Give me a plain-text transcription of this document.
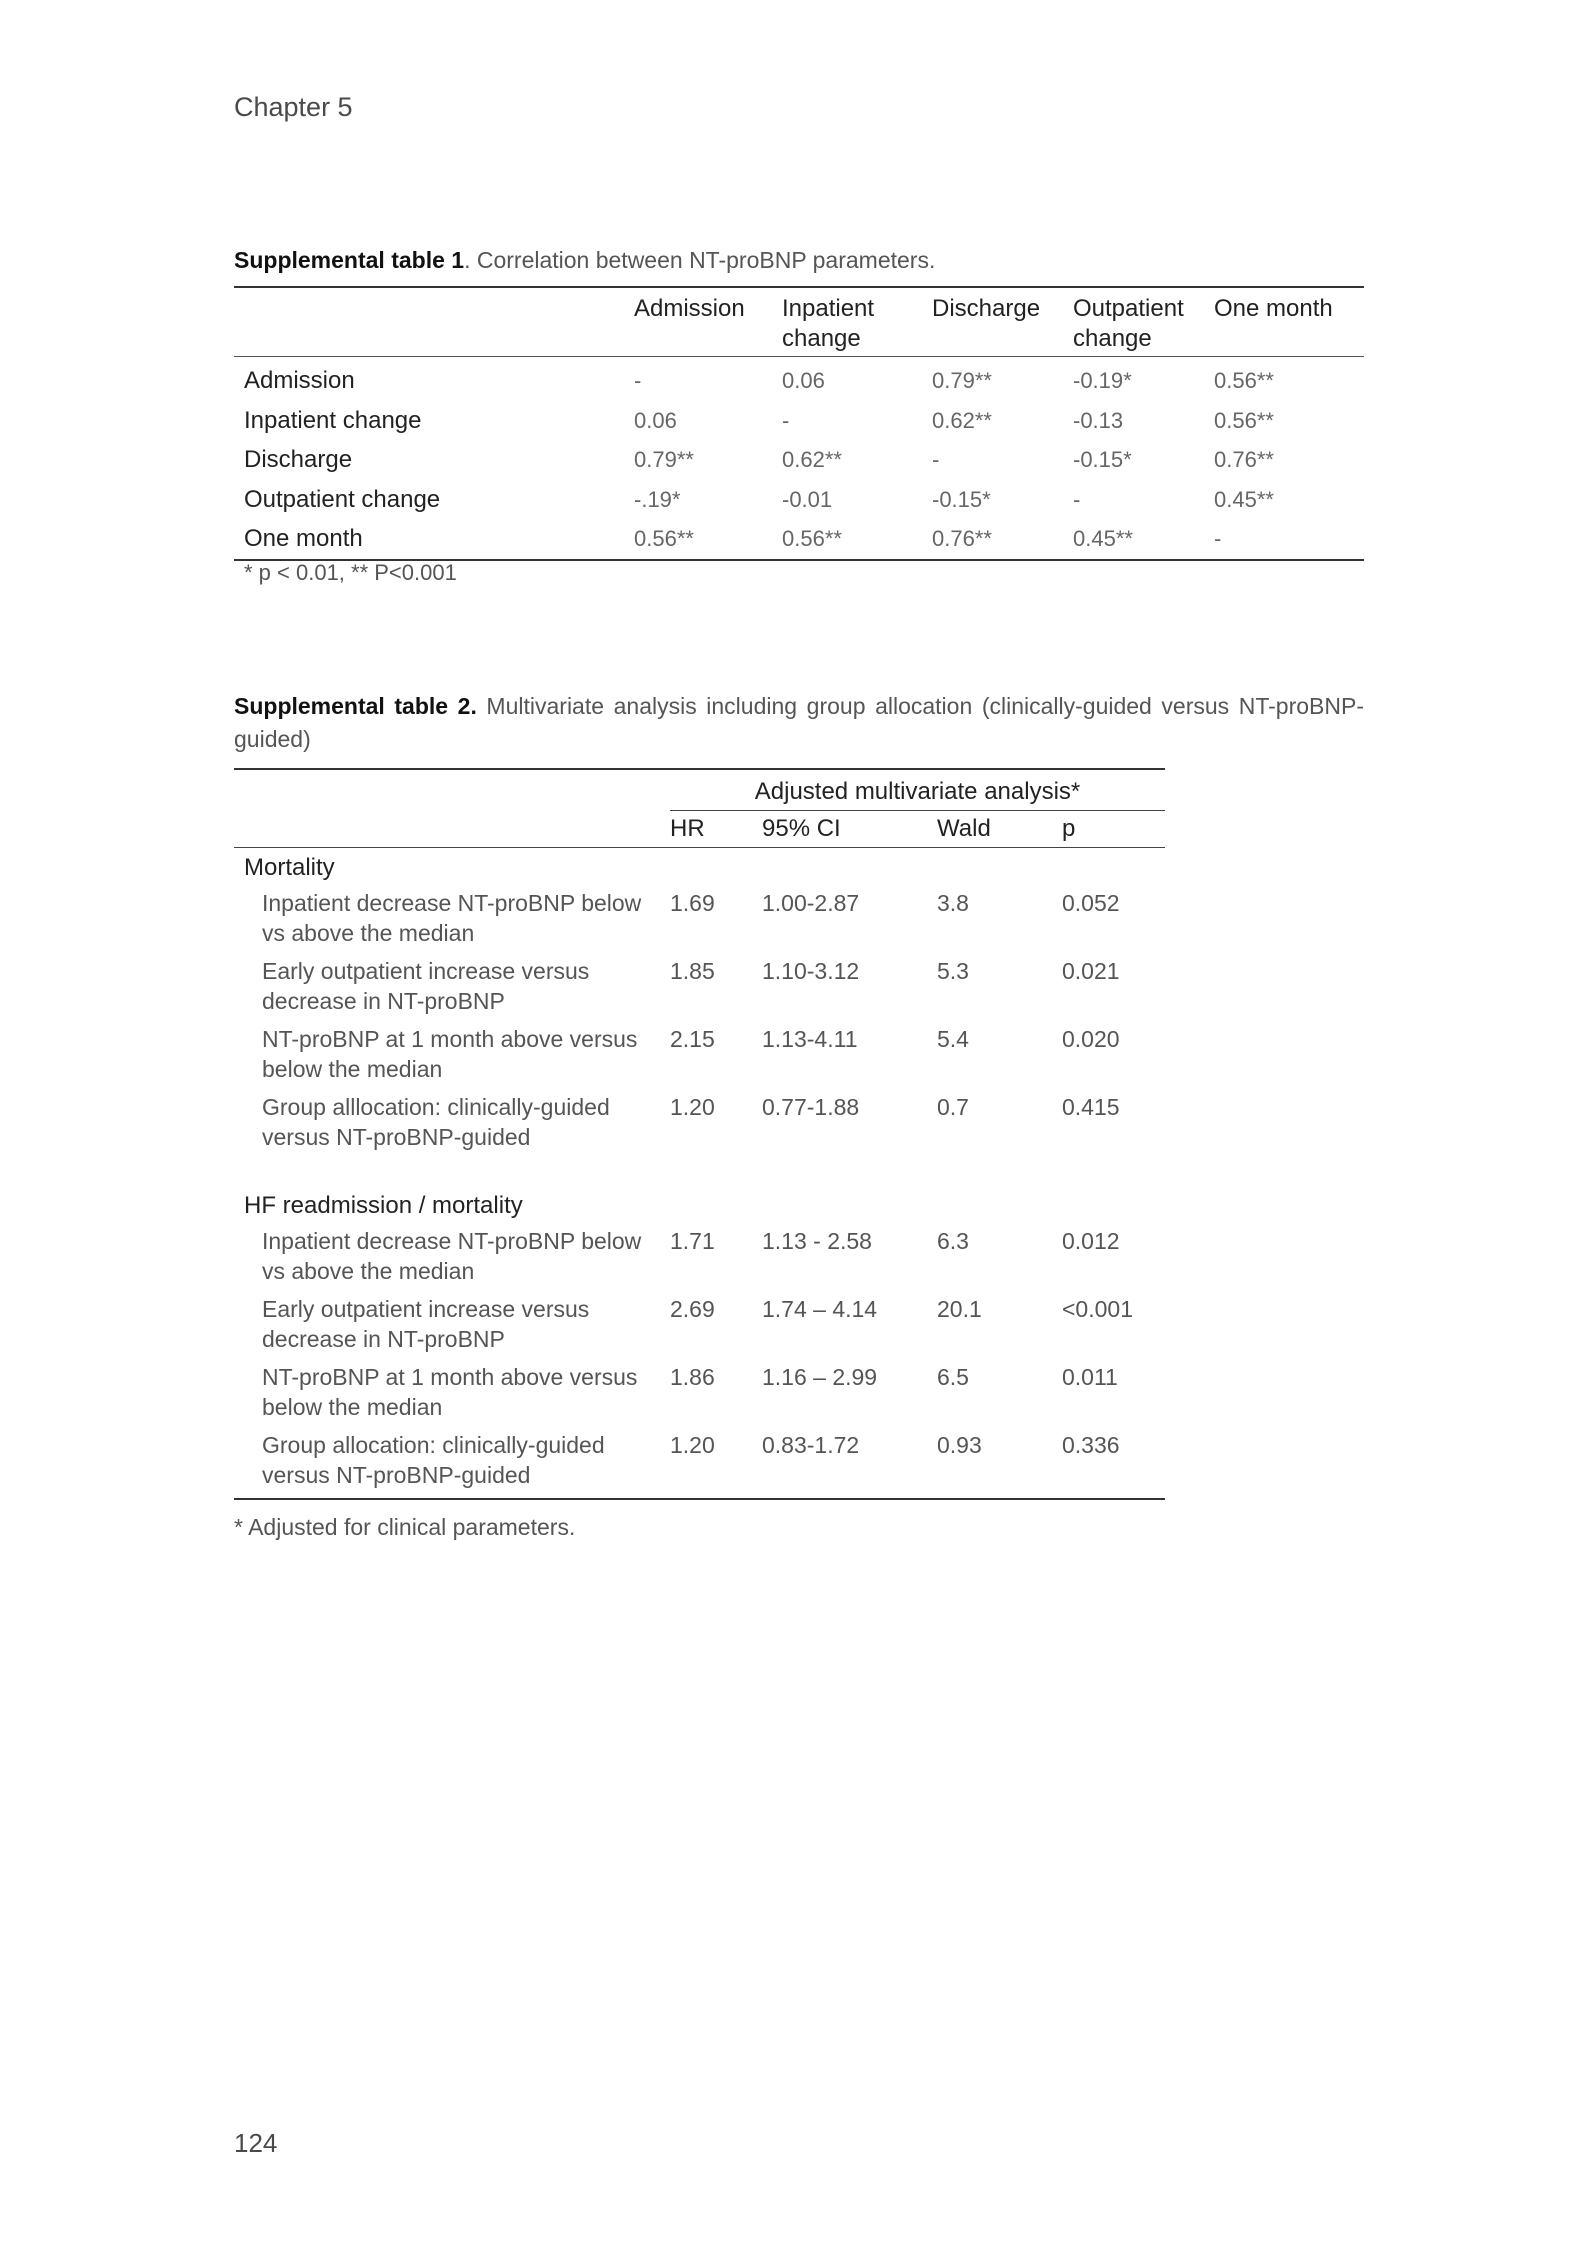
Chapter 5
Supplemental table 1. Correlation between NT-proBNP parameters.
	Admission	Inpatient change	Discharge	Outpatient change	One month
Admission	-	0.06	0.79**	-0.19*	0.56**
Inpatient change	0.06	-	0.62**	-0.13	0.56**
Discharge	0.79**	0.62**	-	-0.15*	0.76**
Outpatient change	-.19*	-0.01	-0.15*	-	0.45**
One month	0.56**	0.56**	0.76**	0.45**	-
* p < 0.01, ** P<0.001
Supplemental table 2. Multivariate analysis including group allocation (clinically-guided versus NT-proBNP-guided)
	Adjusted multivariate analysis*			
	HR	95% CI	Wald	p
Mortality				
Inpatient decrease NT-proBNP below vs above the median	1.69	1.00-2.87	3.8	0.052
Early outpatient increase versus decrease in NT-proBNP	1.85	1.10-3.12	5.3	0.021
NT-proBNP at 1 month above versus below the median	2.15	1.13-4.11	5.4	0.020
Group alllocation: clinically-guided versus NT-proBNP-guided	1.20	0.77-1.88	0.7	0.415
HF readmission / mortality				
Inpatient decrease NT-proBNP below vs above the median	1.71	1.13 - 2.58	6.3	0.012
Early outpatient increase versus decrease in NT-proBNP	2.69	1.74 – 4.14	20.1	<0.001
NT-proBNP at 1 month above versus below the median	1.86	1.16 – 2.99	6.5	0.011
Group allocation: clinically-guided versus NT-proBNP-guided	1.20	0.83-1.72	0.93	0.336
* Adjusted for clinical parameters.
124
